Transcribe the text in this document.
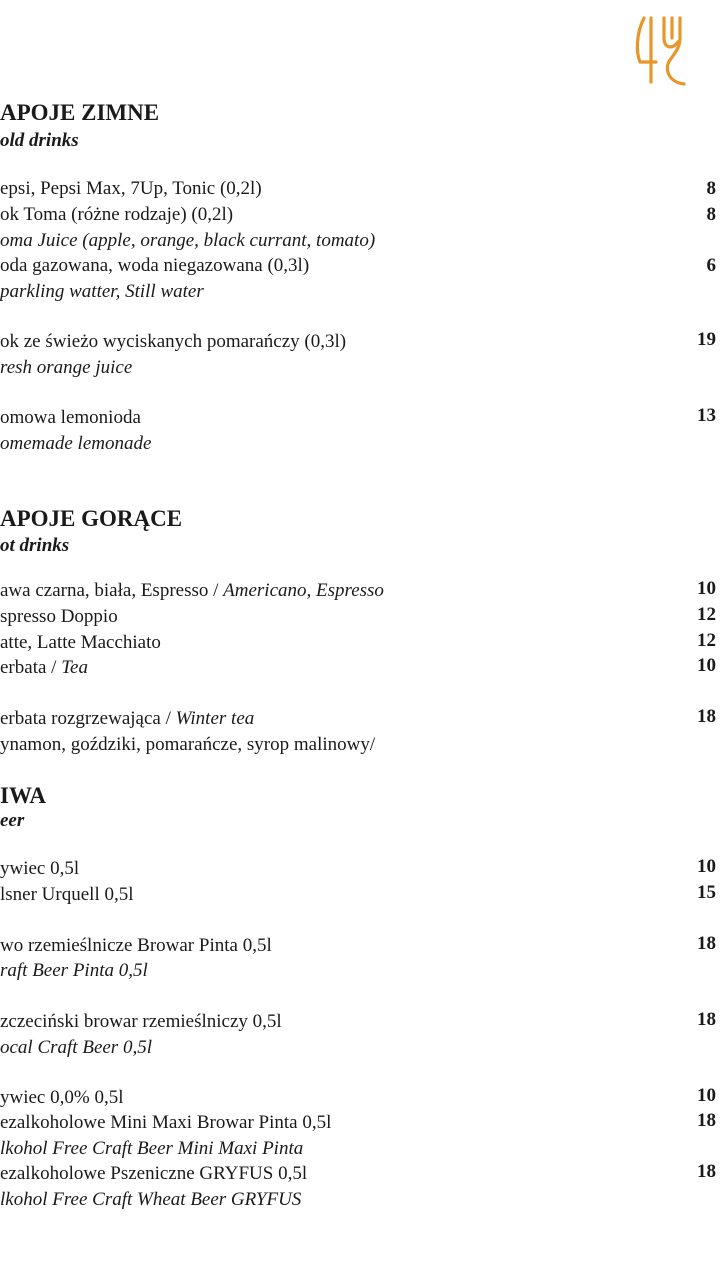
APOJE ZIMNE
old drinks
epsi, Pepsi Max, 7Up, Tonic (0,2l)	8
ok Toma (różne rodzaje) (0,2l)	8
oma Juice (apple, orange, black currant, tomato)
oda gazowana, woda niegazowana (0,3l)	6
parkling watter, Still water
ok ze świeżo wyciskanych pomarańczy (0,3l)	19
resh orange juice
omowa lemonioda	13
omemade lemonade
APOJE GORĄCE
ot drinks
awa czarna, biała, Espresso / Americano, Espresso	10
spresso Doppio	12
atte, Latte Macchiato	12
erbata / Tea	10
erbata rozgrzewająca / Winter tea	18
ynamon, goździki, pomarańcze, syrop malinowy/
IWA
eer
ywiec 0,5l	10
lsner Urquell 0,5l	15
wo rzemieślnicze Browar Pinta 0,5l	18
raft Beer Pinta 0,5l
zczeciński browar rzemieślniczy 0,5l	18
ocal Craft Beer 0,5l
ywiec 0,0% 0,5l	10
ezalkoholowe Mini Maxi Browar Pinta 0,5l	18
lkohol Free Craft Beer Mini Maxi Pinta
ezalkoholowe Pszeniczne GRYFUS 0,5l	18
lkohol Free Craft Wheat Beer GRYFUS
